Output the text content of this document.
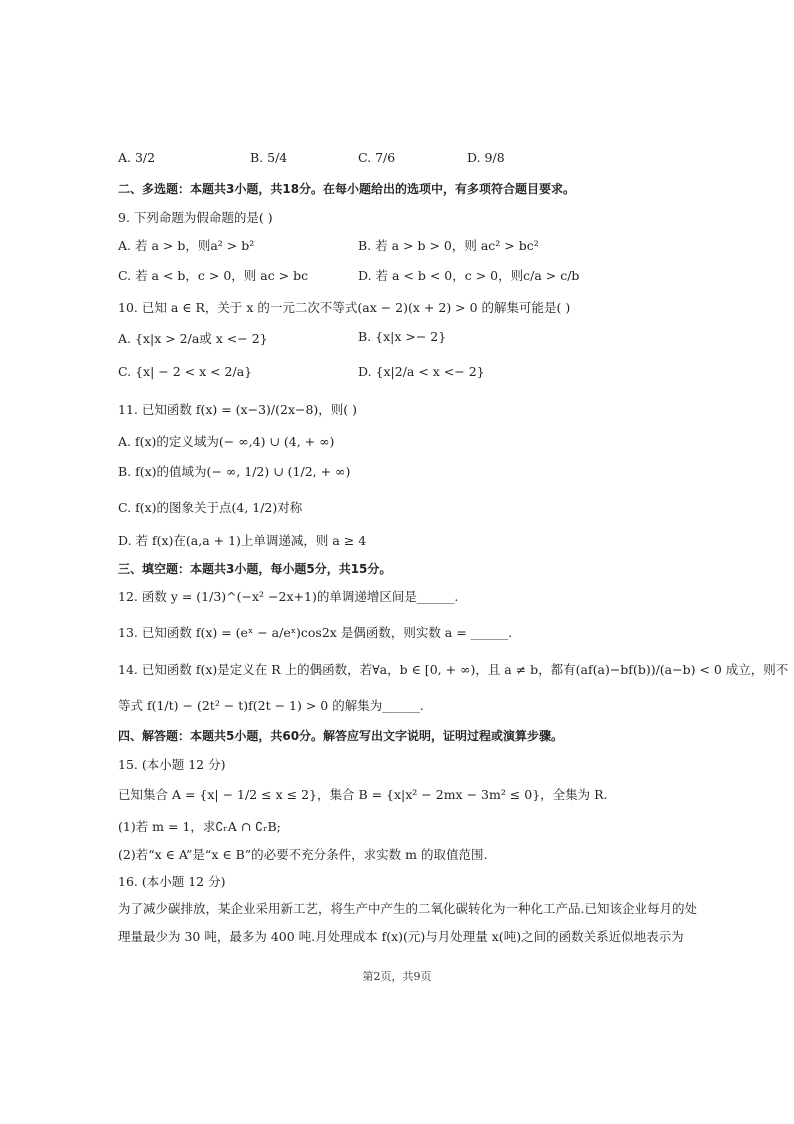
A. 3/2	B. 5/4	C. 7/6	D. 9/8
二、多选题：本题共3小题，共18分。在每小题给出的选项中，有多项符合题目要求。
9. 下列命题为假命题的是( )
A. 若 a > b，则a² > b²	B. 若 a > b > 0，则 ac² > bc²
C. 若 a < b，c > 0，则 ac > bc	D. 若 a < b < 0，c > 0，则c/a > c/b
10. 已知 a ∈ R，关于 x 的一元二次不等式(ax − 2)(x + 2) > 0 的解集可能是( )
A. {x|x > 2/a或 x <− 2}	B. {x|x >− 2}
C. {x| − 2 < x < 2/a}	D. {x|2/a < x <− 2}
11. 已知函数 f(x) = (x−3)/(2x−8)，则( )
A. f(x)的定义域为(− ∞,4) ∪ (4, + ∞)
B. f(x)的值域为(− ∞, 1/2) ∪ (1/2, + ∞)
C. f(x)的图象关于点(4, 1/2)对称
D. 若 f(x)在(a,a + 1)上单调递减，则 a ≥ 4
三、填空题：本题共3小题，每小题5分，共15分。
12. 函数 y = (1/3)^(−x² −2x+1)的单调递增区间是______.
13. 已知函数 f(x) = (eˣ − a/eˣ)cos2x 是偶函数，则实数 a = ______.
14. 已知函数 f(x)是定义在 R 上的偶函数，若∀a，b ∈ [0, + ∞)，且 a ≠ b，都有(af(a)−bf(b))/(a−b) < 0 成立，则不
等式 f(1/t) − (2t² − t)f(2t − 1) > 0 的解集为______.
四、解答题：本题共5小题，共60分。解答应写出文字说明，证明过程或演算步骤。
15. (本小题 12 分)
已知集合 A = {x| − 1/2 ≤ x ≤ 2}，集合 B = {x|x² − 2mx − 3m² ≤ 0}，全集为 R.
(1)若 m = 1，求∁ᵣA ∩ ∁ᵣB;
(2)若“x ∈ A”是“x ∈ B”的必要不充分条件，求实数 m 的取值范围.
16. (本小题 12 分)
为了减少碳排放，某企业采用新工艺，将生产中产生的二氧化碳转化为一种化工产品.已知该企业每月的处
理量最少为 30 吨，最多为 400 吨.月处理成本 f(x)(元)与月处理量 x(吨)之间的函数关系近似地表示为
第2页，共9页
